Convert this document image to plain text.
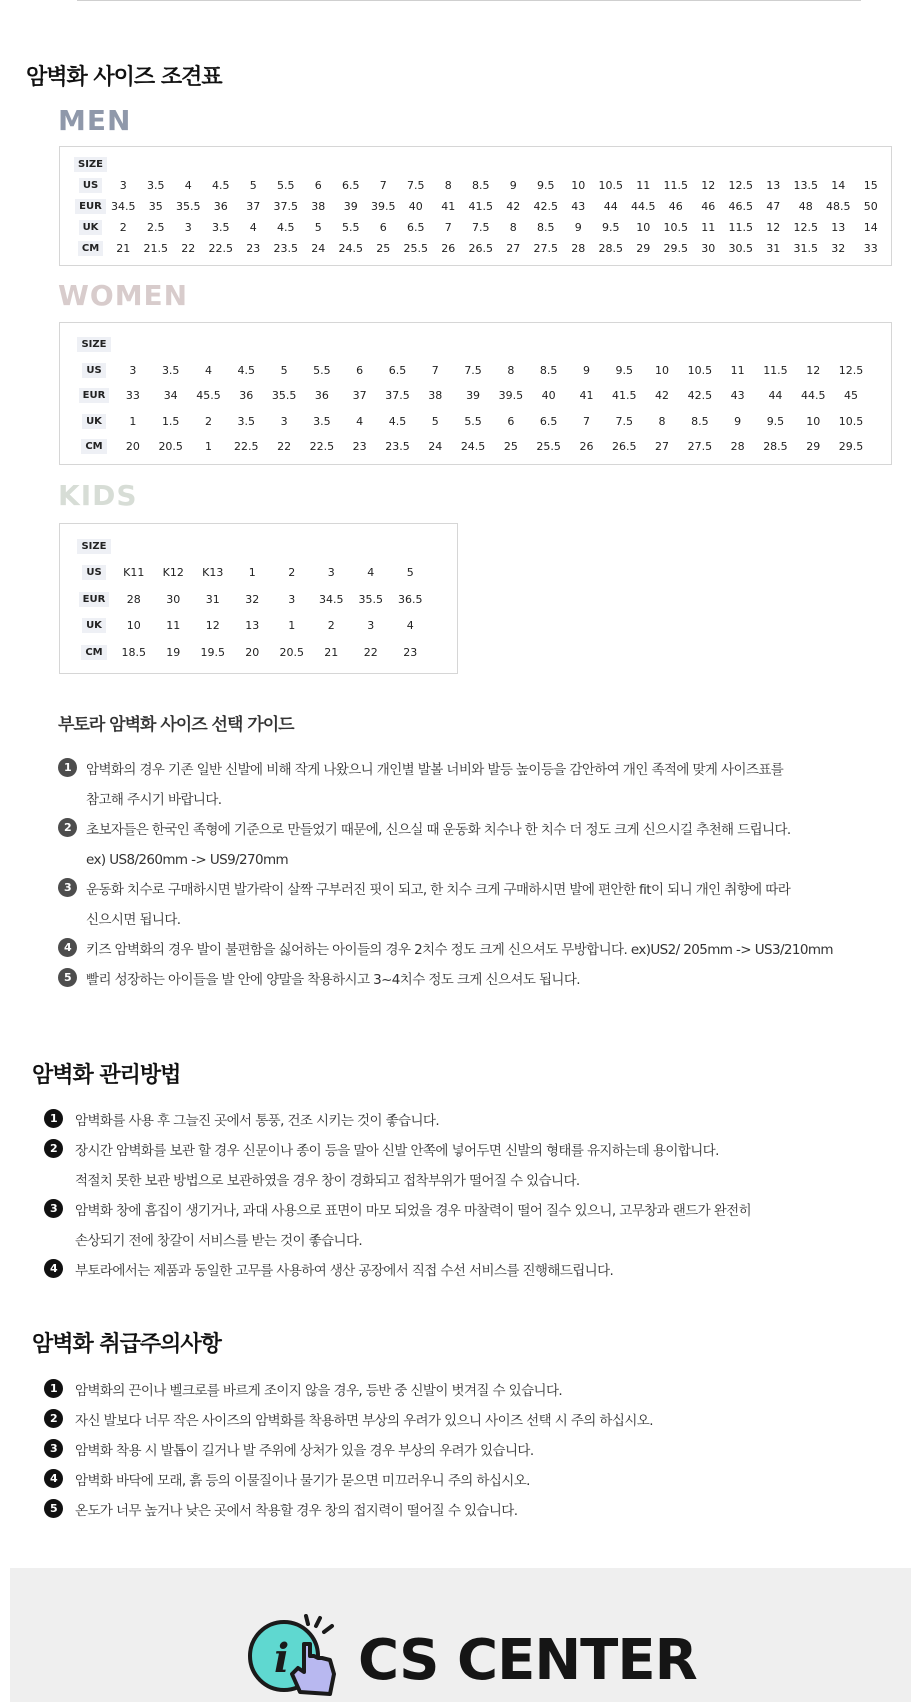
암벽화 사이즈 조견표
MEN
SIZE																								
US	3	3.5	4	4.5	5	5.5	6	6.5	7	7.5	8	8.5	9	9.5	10	10.5	11	11.5	12	12.5	13	13.5	14	15
EUR	34.5	35	35.5	36	37	37.5	38	39	39.5	40	41	41.5	42	42.5	43	44	44.5	46	46	46.5	47	48	48.5	50
UK	2	2.5	3	3.5	4	4.5	5	5.5	6	6.5	7	7.5	8	8.5	9	9.5	10	10.5	11	11.5	12	12.5	13	14
CM	21	21.5	22	22.5	23	23.5	24	24.5	25	25.5	26	26.5	27	27.5	28	28.5	29	29.5	30	30.5	31	31.5	32	33
WOMEN
SIZE																				
US	3	3.5	4	4.5	5	5.5	6	6.5	7	7.5	8	8.5	9	9.5	10	10.5	11	11.5	12	12.5
EUR	33	34	45.5	36	35.5	36	37	37.5	38	39	39.5	40	41	41.5	42	42.5	43	44	44.5	45
UK	1	1.5	2	3.5	3	3.5	4	4.5	5	5.5	6	6.5	7	7.5	8	8.5	9	9.5	10	10.5
CM	20	20.5	1	22.5	22	22.5	23	23.5	24	24.5	25	25.5	26	26.5	27	27.5	28	28.5	29	29.5
KIDS
SIZE								
US	K11	K12	K13	1	2	3	4	5
EUR	28	30	31	32	3	34.5	35.5	36.5
UK	10	11	12	13	1	2	3	4
CM	18.5	19	19.5	20	20.5	21	22	23
부토라 암벽화 사이즈 선택 가이드
1	암벽화의 경우 기존 일반 신발에 비해 작게 나왔으니 개인별 발볼 너비와 발등 높이등을 감안하여 개인 족적에 맞게 사이즈표를
참고해 주시기 바랍니다.
2	초보자들은 한국인 족형에 기준으로 만들었기 때문에, 신으실 때 운동화 치수나 한 치수 더 정도 크게 신으시길 추천해 드립니다.
ex) US8/260mm -> US9/270mm
3	운동화 치수로 구매하시면 발가락이 살짝 구부러진 핏이 되고, 한 치수 크게 구매하시면 발에 편안한 fit이 되니 개인 취향에 따라
신으시면 됩니다.
4	키즈 암벽화의 경우 발이 불편함을 싫어하는 아이들의 경우 2치수 정도 크게 신으셔도 무방합니다. ex)US2/ 205mm -> US3/210mm
5	빨리 성장하는 아이들을 발 안에 양말을 착용하시고 3~4치수 정도 크게 신으셔도 됩니다.
암벽화 관리방법
1	암벽화를 사용 후 그늘진 곳에서 통풍, 건조 시키는 것이 좋습니다.
2	장시간 암벽화를 보관 할 경우 신문이나 종이 등을 말아 신발 안쪽에 넣어두면 신발의 형태를 유지하는데 용이합니다.
적절치 못한 보관 방법으로 보관하였을 경우 창이 경화되고 접착부위가 떨어질 수 있습니다.
3	암벽화 창에 흠집이 생기거나, 과대 사용으로 표면이 마모 되었을 경우 마찰력이 떨어 질수 있으니, 고무창과 랜드가 완전히
손상되기 전에 창갈이 서비스를 받는 것이 좋습니다.
4	부토라에서는 제품과 동일한 고무를 사용하여 생산 공장에서 직접 수선 서비스를 진행해드립니다.
암벽화 취급주의사항
1	암벽화의 끈이나 벨크로를 바르게 조이지 않을 경우, 등반 중 신발이 벗겨질 수 있습니다.
2	자신 발보다 너무 작은 사이즈의 암벽화를 착용하면 부상의 우려가 있으니 사이즈 선택 시 주의 하십시오.
3	암벽화 착용 시 발톱이 길거나 발 주위에 상처가 있을 경우 부상의 우려가 있습니다.
4	암벽화 바닥에 모래, 흙 등의 이물질이나 물기가 묻으면 미끄러우니 주의 하십시오.
5	온도가 너무 높거나 낮은 곳에서 착용할 경우 창의 접지력이 떨어질 수 있습니다.
i CS CENTER
